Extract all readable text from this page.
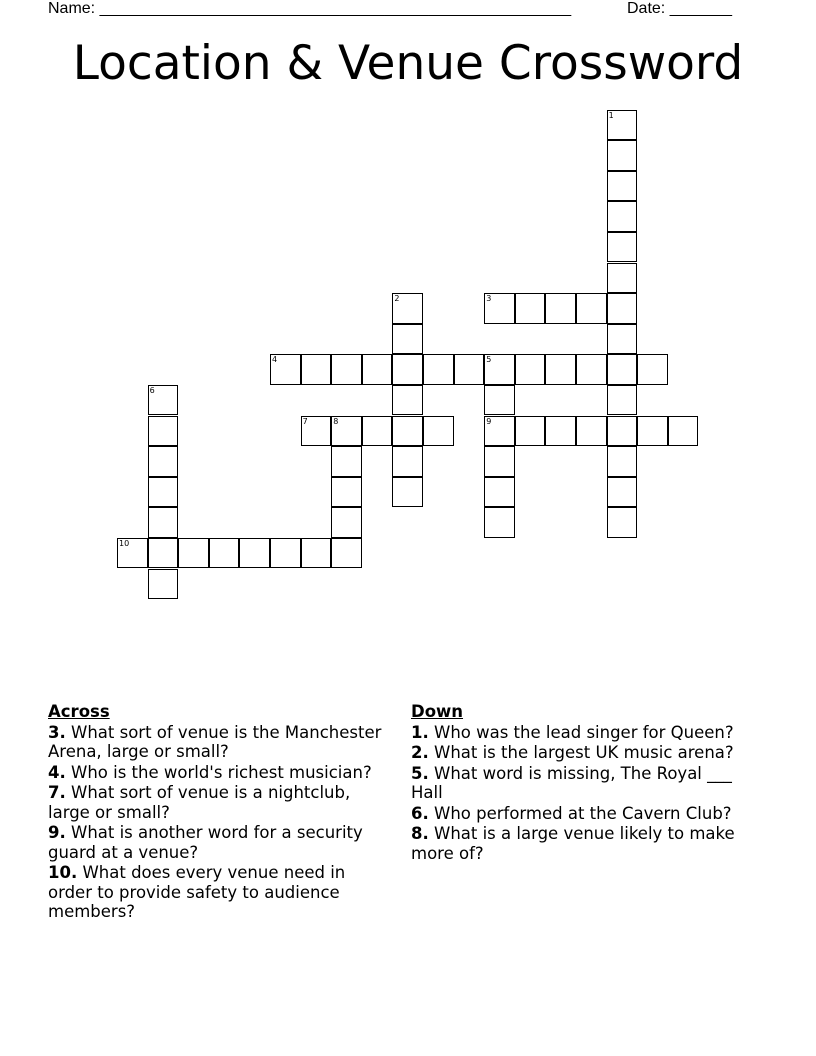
Name: _____________________________________________________	Date: _______
Location & Venue Crossword
1
2	3
4	5
6
7	8	9
10
Across
3. What sort of venue is the Manchester Arena, large or small?
4. Who is the world's richest musician?
7. What sort of venue is a nightclub, large or small?
9. What is another word for a security guard at a venue?
10. What does every venue need in order to provide safety to audience members?
Down
1. Who was the lead singer for Queen?
2. What is the largest UK music arena?
5. What word is missing, The Royal ___ Hall
6. Who performed at the Cavern Club?
8. What is a large venue likely to make more of?
